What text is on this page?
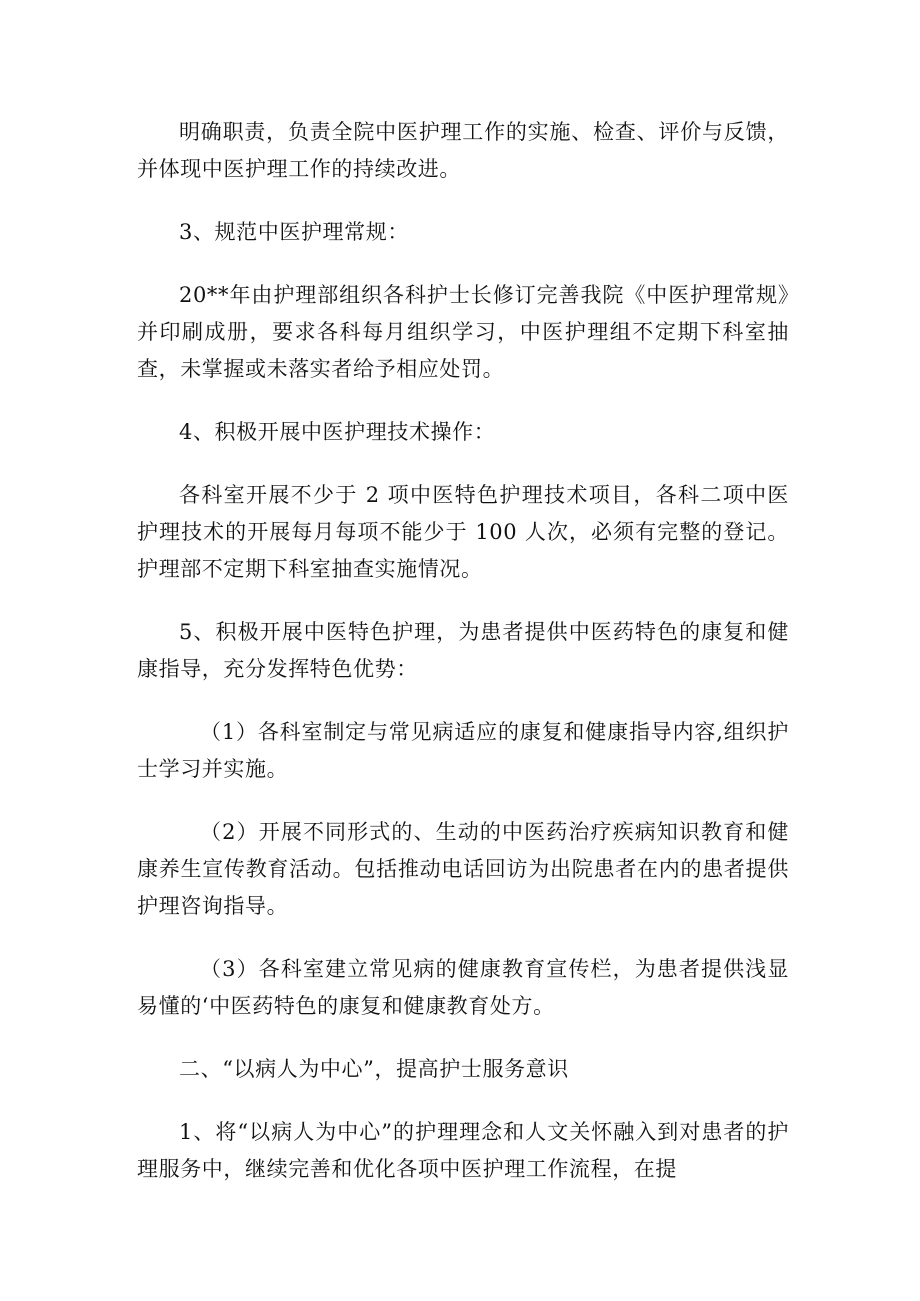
明确职责，负责全院中医护理工作的实施、检查、评价与反馈，并体现中医护理工作的持续改进。

3、规范中医护理常规：

20**年由护理部组织各科护士长修订完善我院《中医护理常规》并印刷成册，要求各科每月组织学习，中医护理组不定期下科室抽查，未掌握或未落实者给予相应处罚。

4、积极开展中医护理技术操作：

各科室开展不少于 2 项中医特色护理技术项目，各科二项中医护理技术的开展每月每项不能少于 100 人次，必须有完整的登记。护理部不定期下科室抽查实施情况。

5、积极开展中医特色护理，为患者提供中医药特色的康复和健康指导，充分发挥特色优势：

（1）各科室制定与常见病适应的康复和健康指导内容,组织护士学习并实施。

（2）开展不同形式的、生动的中医药治疗疾病知识教育和健康养生宣传教育活动。包括推动电话回访为出院患者在内的患者提供护理咨询指导。

（3）各科室建立常见病的健康教育宣传栏，为患者提供浅显易懂的‘中医药特色的康复和健康教育处方。

二、“以病人为中心”，提高护士服务意识

1、将“以病人为中心”的护理理念和人文关怀融入到对患者的护理服务中，继续完善和优化各项中医护理工作流程，在提
